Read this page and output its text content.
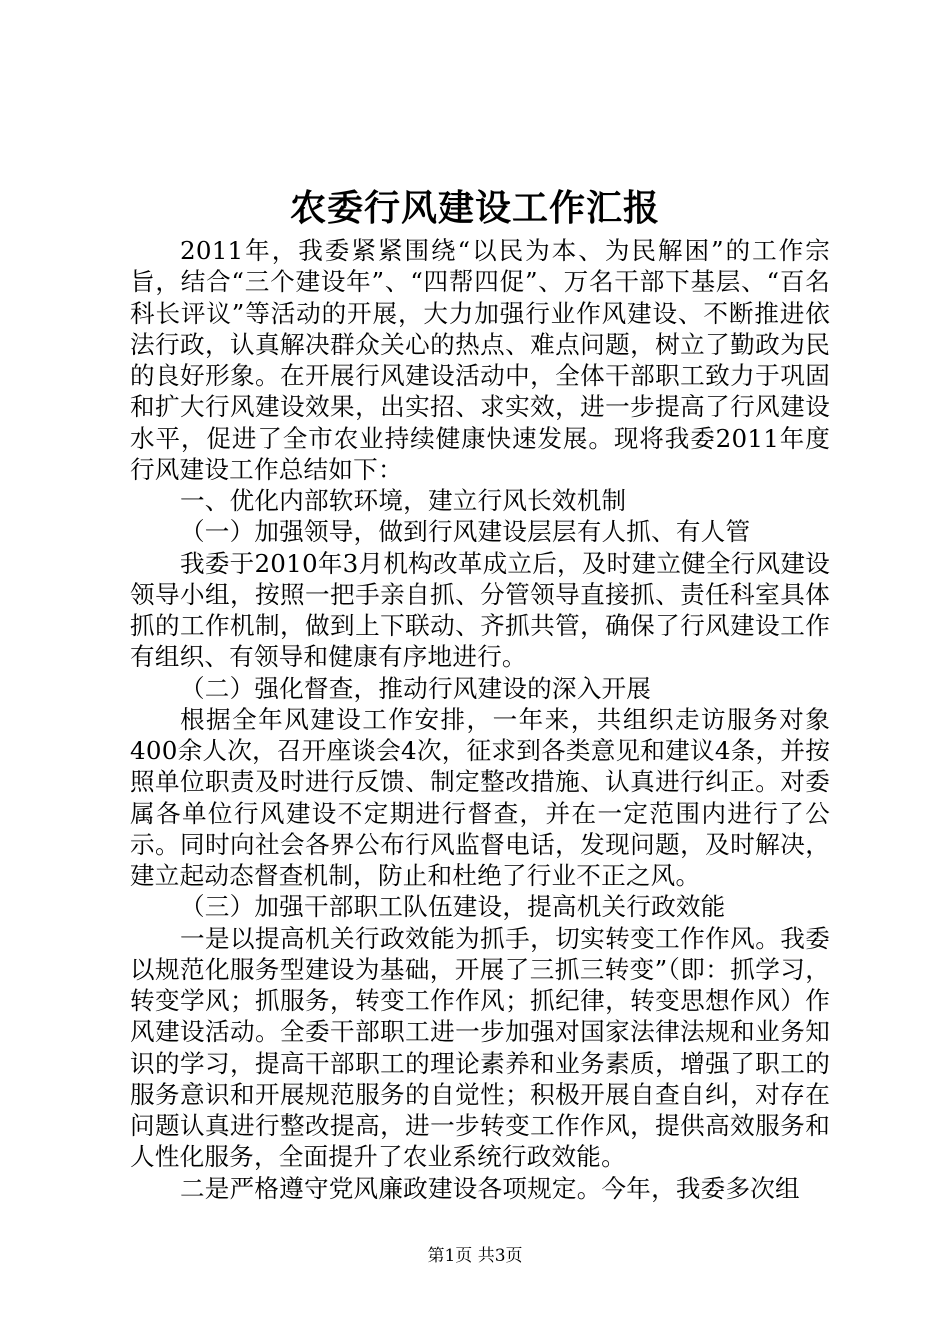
农委行风建设工作汇报

2011年，我委紧紧围绕“以民为本、为民解困”的工作宗旨，结合“三个建设年”、“四帮四促”、万名干部下基层、“百名科长评议”等活动的开展，大力加强行业作风建设、不断推进依法行政，认真解决群众关心的热点、难点问题，树立了勤政为民的良好形象。在开展行风建设活动中，全体干部职工致力于巩固和扩大行风建设效果，出实招、求实效，进一步提高了行风建设水平，促进了全市农业持续健康快速发展。现将我委2011年度行风建设工作总结如下：

一、优化内部软环境，建立行风长效机制

（一）加强领导，做到行风建设层层有人抓、有人管

我委于2010年3月机构改革成立后，及时建立健全行风建设领导小组，按照一把手亲自抓、分管领导直接抓、责任科室具体抓的工作机制，做到上下联动、齐抓共管，确保了行风建设工作有组织、有领导和健康有序地进行。

（二）强化督查，推动行风建设的深入开展

根据全年风建设工作安排，一年来，共组织走访服务对象400余人次，召开座谈会4次，征求到各类意见和建议4条，并按照单位职责及时进行反馈、制定整改措施、认真进行纠正。对委属各单位行风建设不定期进行督查，并在一定范围内进行了公示。同时向社会各界公布行风监督电话，发现问题，及时解决，建立起动态督查机制，防止和杜绝了行业不正之风。

（三）加强干部职工队伍建设，提高机关行政效能

一是以提高机关行政效能为抓手，切实转变工作作风。我委以规范化服务型建设为基础，开展了三抓三转变”（即：抓学习，转变学风；抓服务，转变工作作风；抓纪律，转变思想作风）作风建设活动。全委干部职工进一步加强对国家法律法规和业务知识的学习，提高干部职工的理论素养和业务素质，增强了职工的服务意识和开展规范服务的自觉性；积极开展自查自纠，对存在问题认真进行整改提高，进一步转变工作作风，提供高效服务和人性化服务，全面提升了农业系统行政效能。

二是严格遵守党风廉政建设各项规定。今年，我委多次组

第1页 共3页
